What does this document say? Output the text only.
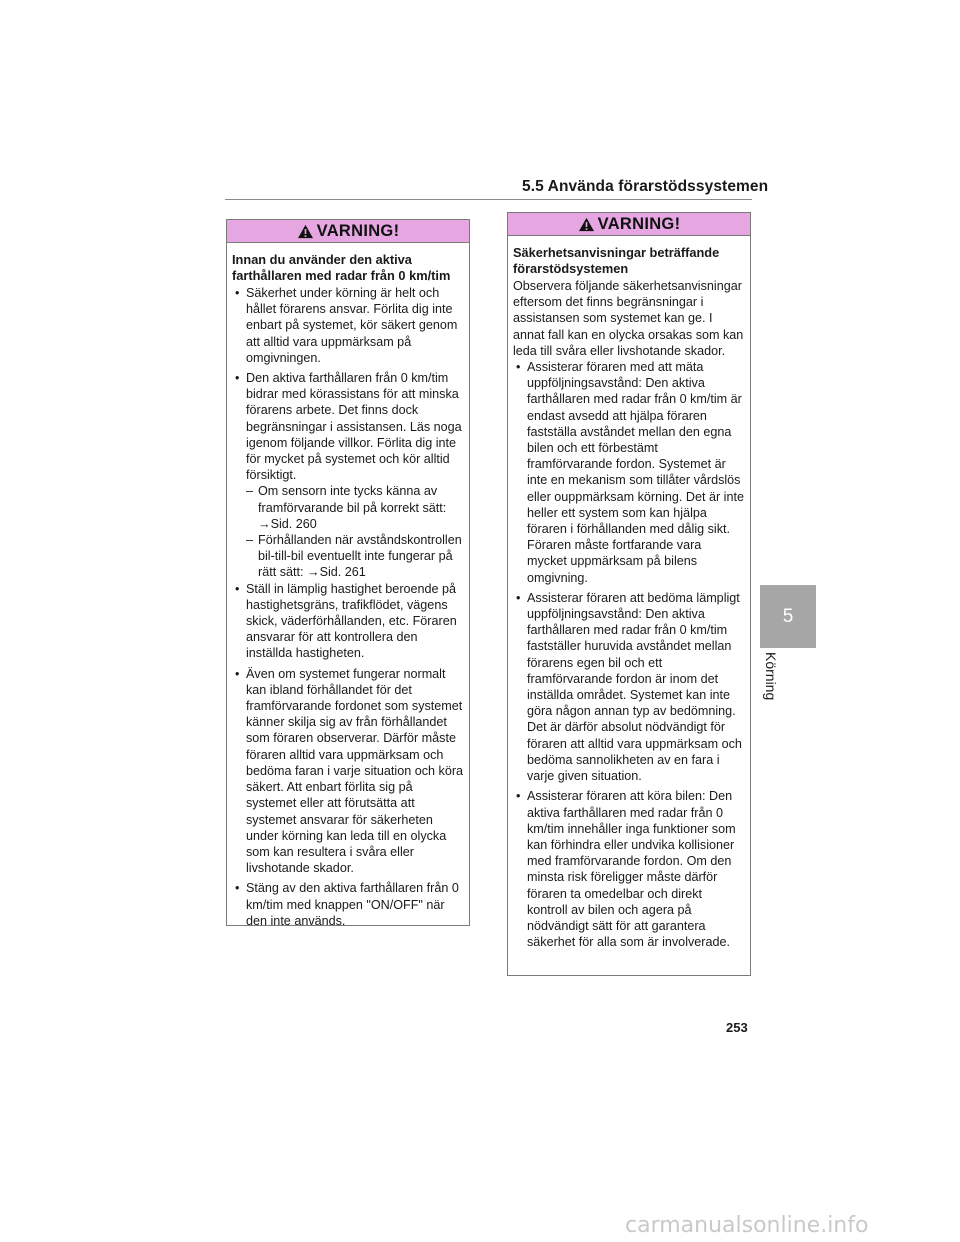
5.5 Använda förarstödssystemen
VARNING!
Innan du använder den aktiva farthållaren med radar från 0 km/tim
• Säkerhet under körning är helt och hållet förarens ansvar. Förlita dig inte enbart på systemet, kör säkert genom att alltid vara uppmärksam på omgivningen.
• Den aktiva farthållaren från 0 km/tim bidrar med körassistans för att minska förarens arbete. Det finns dock begränsningar i assistansen. Läs noga igenom följande villkor. Förlita dig inte för mycket på systemet och kör alltid försiktigt.
– Om sensorn inte tycks känna av framförvarande bil på korrekt sätt: →Sid. 260
– Förhållanden när avståndskontrollen bil-till-bil eventuellt inte fungerar på rätt sätt: →Sid. 261
• Ställ in lämplig hastighet beroende på hastighetsgräns, trafikflödet, vägens skick, väderförhållanden, etc. Föraren ansvarar för att kontrollera den inställda hastigheten.
• Även om systemet fungerar normalt kan ibland förhållandet för det framförvarande fordonet som systemet känner skilja sig av från förhållandet som föraren observerar. Därför måste föraren alltid vara uppmärksam och bedöma faran i varje situation och köra säkert. Att enbart förlita sig på systemet eller att förutsätta att systemet ansvarar för säkerheten under körning kan leda till en olycka som kan resultera i svåra eller livshotande skador.
• Stäng av den aktiva farthållaren från 0 km/tim med knappen "ON/OFF" när den inte används.
VARNING!
Säkerhetsanvisningar beträffande förarstödsystemen

Observera följande säkerhetsanvisningar eftersom det finns begränsningar i assistansen som systemet kan ge. I annat fall kan en olycka orsakas som kan leda till svåra eller livshotande skador.

• Assisterar föraren med att mäta uppföljningsavstånd: Den aktiva farthållaren med radar från 0 km/tim är endast avsedd att hjälpa föraren fastställa avståndet mellan den egna bilen och ett förbestämt framförvarande fordon. Systemet är inte en mekanism som tillåter vårdslös eller ouppmärksam körning. Det är inte heller ett system som kan hjälpa föraren i förhållanden med dålig sikt. Föraren måste fortfarande vara mycket uppmärksam på bilens omgivning.
• Assisterar föraren att bedöma lämpligt uppföljningsavstånd: Den aktiva farthållaren med radar från 0 km/tim fastställer huruvida avståndet mellan förarens egen bil och ett framförvarande fordon är inom det inställda området. Systemet kan inte göra någon annan typ av bedömning. Det är därför absolut nödvändigt för föraren att alltid vara uppmärksam och bedöma sannolikheten av en fara i varje given situation.
• Assisterar föraren att köra bilen: Den aktiva farthållaren med radar från 0 km/tim innehåller inga funktioner som kan förhindra eller undvika kollisioner med framförvarande fordon. Om den minsta risk föreligger måste därför föraren ta omedelbar och direkt kontroll av bilen och agera på nödvändigt sätt för att garantera säkerhet för alla som är involverade.
5
Körning
253
carmanualsonline.info
